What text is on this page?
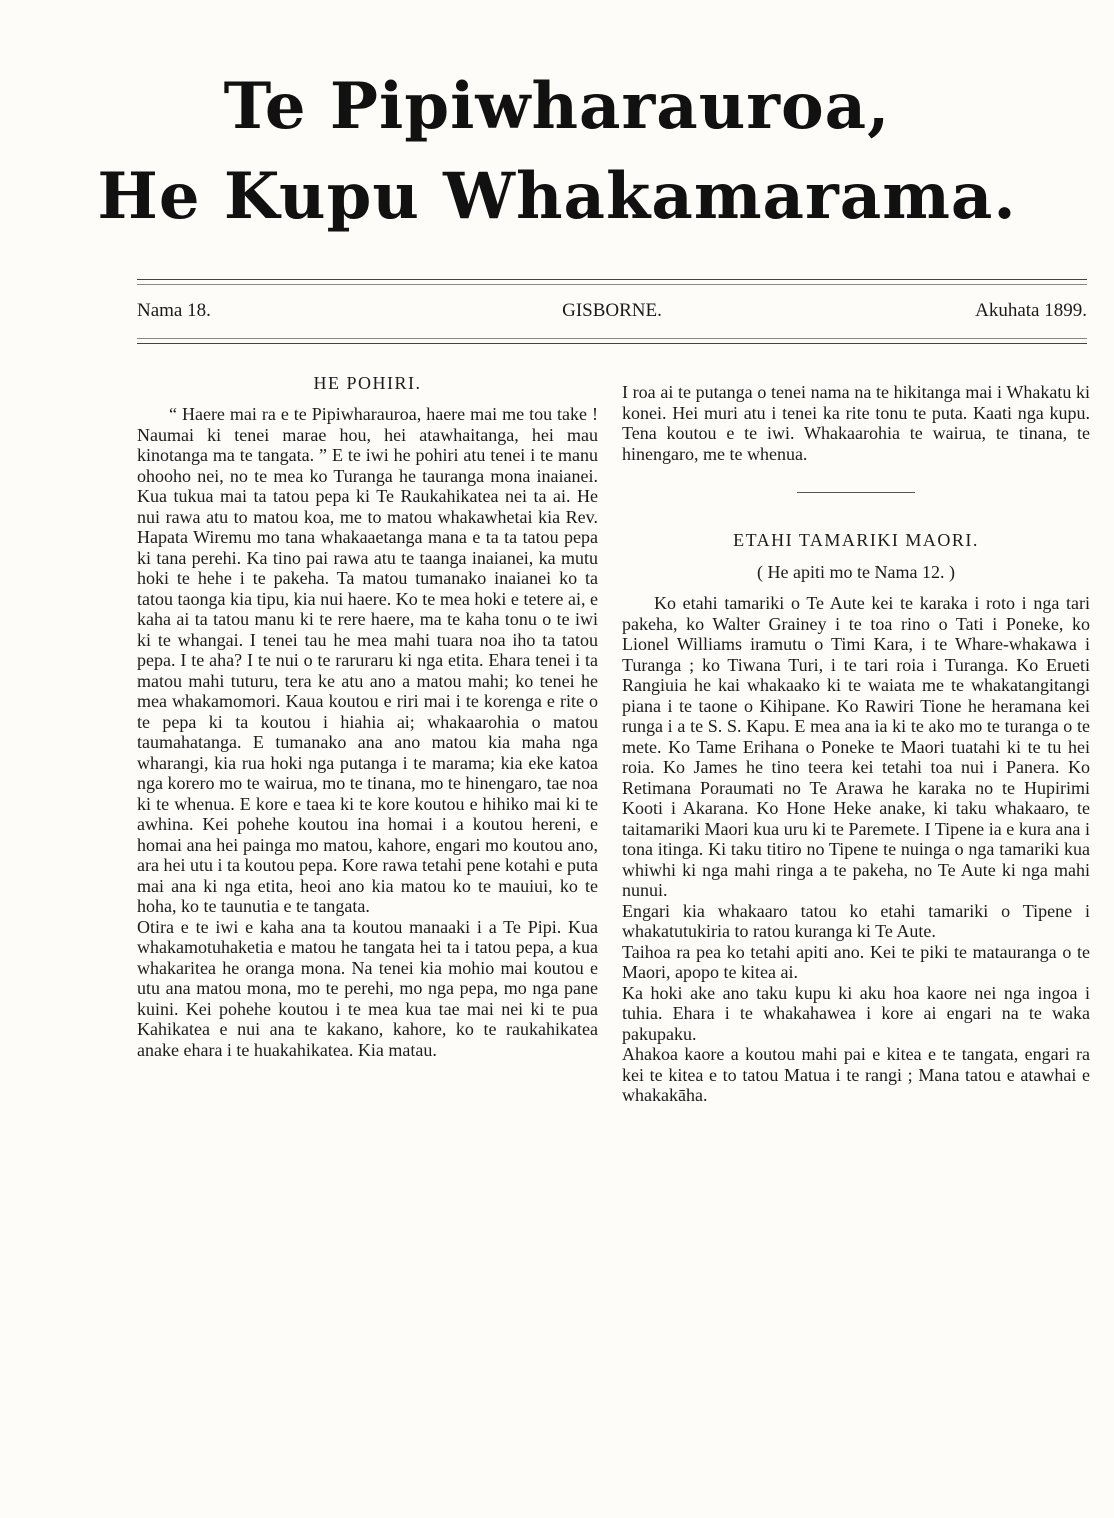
Te Pipiwharauroa,
He Kupu Whakamarama.
Nama 18.	GISBORNE.	Akuhata 1899.
HE POHIRI.

“ Haere mai ra e te Pipiwharauroa, haere mai me tou take ! Naumai ki tenei marae hou, hei atawhaitanga, hei mau kinotanga ma te tangata. ” E te iwi he pohiri atu tenei i te manu ohooho nei, no te mea ko Turanga he tauranga mona inaianei. Kua tukua mai ta tatou pepa ki Te Raukahikatea nei ta ai. He nui rawa atu to matou koa, me to matou whakawhetai kia Rev. Hapata Wiremu mo tana whakaaetanga mana e ta ta tatou pepa ki tana perehi. Ka tino pai rawa atu te taanga inaianei, ka mutu hoki te hehe i te pakeha. Ta matou tumanako inaianei ko ta tatou taonga kia tipu, kia nui haere. Ko te mea hoki e tetere ai, e kaha ai ta tatou manu ki te rere haere, ma te kaha tonu o te iwi ki te whangai. I tenei tau he mea mahi tuara noa iho ta tatou pepa. I te aha? I te nui o te raruraru ki nga etita. Ehara tenei i ta matou mahi tuturu, tera ke atu ano a matou mahi; ko tenei he mea whakamomori. Kaua koutou e riri mai i te korenga e rite o te pepa ki ta koutou i hiahia ai; whakaarohia o matou taumahatanga. E tumanako ana ano matou kia maha nga wharangi, kia rua hoki nga putanga i te marama; kia eke katoa nga korero mo te wairua, mo te tinana, mo te hinengaro, tae noa ki te whenua. E kore e taea ki te kore koutou e hihiko mai ki te awhina. Kei pohehe koutou ina homai i a koutou hereni, e homai ana hei painga mo matou, kahore, engari mo koutou ano, ara hei utu i ta koutou pepa. Kore rawa tetahi pene kotahi e puta mai ana ki nga etita, heoi ano kia matou ko te mauiui, ko te hoha, ko te taunutia e te tangata.

Otira e te iwi e kaha ana ta koutou manaaki i a Te Pipi. Kua whakamotuhaketia e matou he tangata hei ta i tatou pepa, a kua whakaritea he oranga mona. Na tenei kia mohio mai koutou e utu ana matou mona, mo te perehi, mo nga pepa, mo nga pane kuini. Kei pohehe koutou i te mea kua tae mai nei ki te pua Kahikatea e nui ana te kakano, kahore, ko te raukahikatea anake ehara i te huakahikatea. Kia matau.

I roa ai te putanga o tenei nama na te hikitanga mai i Whakatu ki konei. Hei muri atu i tenei ka rite tonu te puta. Kaati nga kupu. Tena koutou e te iwi. Whakaarohia te wairua, te tinana, te hinengaro, me te whenua.

ETAHI TAMARIKI MAORI.
( He apiti mo te Nama 12. )

Ko etahi tamariki o Te Aute kei te karaka i roto i nga tari pakeha, ko Walter Grainey i te toa rino o Tati i Poneke, ko Lionel Williams iramutu o Timi Kara, i te Whare-whakawa i Turanga ; ko Tiwana Turi, i te tari roia i Turanga. Ko Erueti Rangiuia he kai whakaako ki te waiata me te whakatangitangi piana i te taone o Kihipane. Ko Rawiri Tione he heramana kei runga i a te S. S. Kapu. E mea ana ia ki te ako mo te turanga o te mete. Ko Tame Erihana o Poneke te Maori tuatahi ki te tu hei roia. Ko James he tino teera kei tetahi toa nui i Panera. Ko Retimana Poraumati no Te Arawa he karaka no te Hupirimi Kooti i Akarana. Ko Hone Heke anake, ki taku whakaaro, te taitamariki Maori kua uru ki te Paremete. I Tipene ia e kura ana i tona itinga. Ki taku titiro no Tipene te nuinga o nga tamariki kua whiwhi ki nga mahi ringa a te pakeha, no Te Aute ki nga mahi nunui.

Engari kia whakaaro tatou ko etahi tamariki o Tipene i whakatutukiria to ratou kuranga ki Te Aute.

Taihoa ra pea ko tetahi apiti ano. Kei te piki te matauranga o te Maori, apopo te kitea ai.

Ka hoki ake ano taku kupu ki aku hoa kaore nei nga ingoa i tuhia. Ehara i te whakahawea i kore ai engari na te waka pakupaku.

Ahakoa kaore a koutou mahi pai e kitea e te tangata, engari ra kei te kitea e to tatou Matua i te rangi ; Mana tatou e atawhai e whakakāha.
